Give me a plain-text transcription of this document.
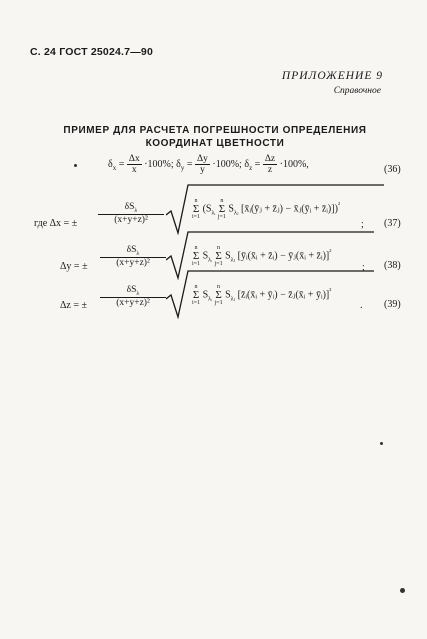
С. 24 ГОСТ 25024.7—90
ПРИЛОЖЕНИЕ 9
Справочное
ПРИМЕР ДЛЯ РАСЧЕТА ПОГРЕШНОСТИ ОПРЕДЕЛЕНИЯ
КООРДИНАТ ЦВЕТНОСТИ
$\delta_x = \frac{\Delta x}{x} \cdot 100\%$; $\delta_y = \frac{\Delta y}{y} \cdot 100\%$; $\delta_z = \frac{\Delta z}{z} \cdot 100\%$,	(36)
где Δx = ±
$\delta S_\lambda$
(x+y+z)²
n
Σ
i=1
($S_{\lambda ᵢ}$
n
Σ
j=1
$S_{\lambda ⱼ}$ [x̄ᵢ(ȳⱼ + z̄ⱼ) − x̄ⱼ(ȳᵢ + z̄ᵢ)])$^{^2}$
; (37)
Δy = ±
$\delta S_\lambda$
(x+y+z)²
n
Σ
i=1
$S_{\lambda ᵢ}$
n
Σ
j=1
$S_{\lambda ⱼ}$ [ȳᵢ(x̄ᵢ + z̄ᵢ) − ȳⱼ(x̄ᵢ + z̄ᵢ)]$^{^2}$
; (38)
Δz = ±
$\delta S_\lambda$
(x+y+z)²
n
Σ
i=1
$S_{\lambda ᵢ}$
n
Σ
j=1
$S_{\lambda ⱼ}$ [z̄ᵢ(x̄ᵢ + ȳᵢ) − z̄ⱼ(x̄ᵢ + ȳᵢ)]$^{^2}$
. (39)
